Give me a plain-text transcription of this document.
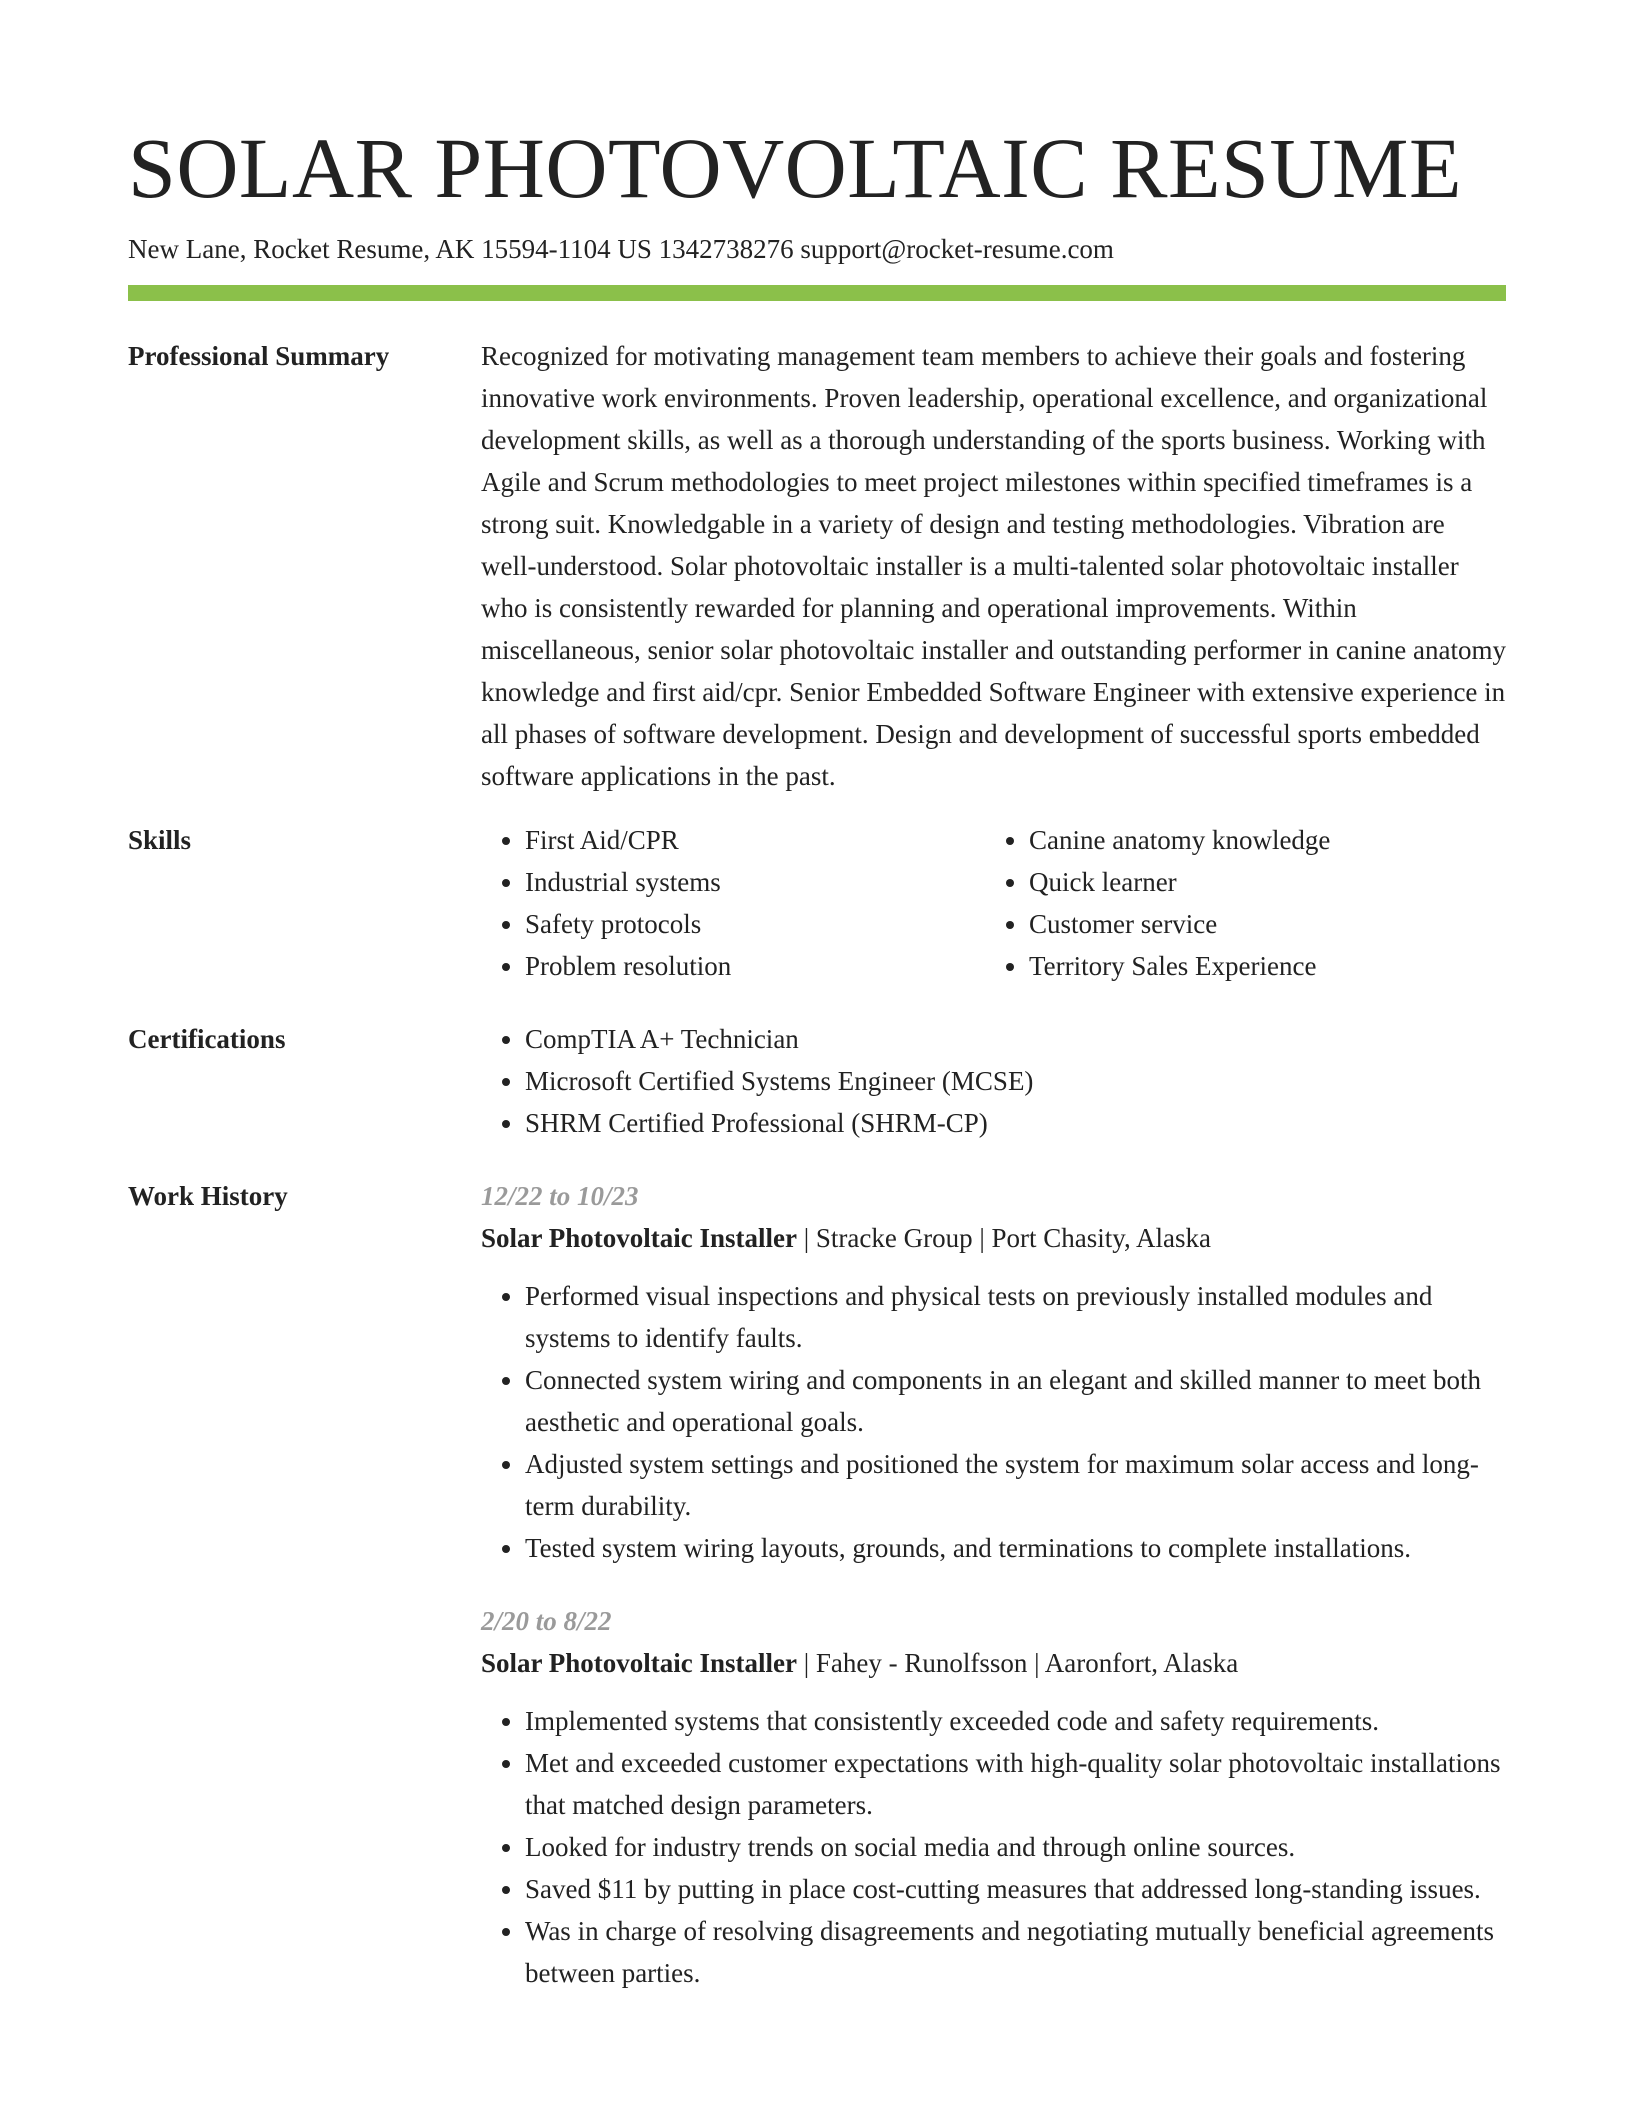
SOLAR PHOTOVOLTAIC RESUME
New Lane, Rocket Resume, AK 15594-1104 US 1342738276 support@rocket-resume.com
Professional Summary	Recognized for motivating management team members to achieve their goals and fostering innovative work environments. Proven leadership, operational excellence, and organizational development skills, as well as a thorough understanding of the sports business. Working with Agile and Scrum methodologies to meet project milestones within specified timeframes is a strong suit. Knowledgable in a variety of design and testing methodologies. Vibration are well-understood. Solar photovoltaic installer is a multi-talented solar photovoltaic installer who is consistently rewarded for planning and operational improvements. Within miscellaneous, senior solar photovoltaic installer and outstanding performer in canine anatomy knowledge and first aid/cpr. Senior Embedded Software Engineer with extensive experience in all phases of software development. Design and development of successful sports embedded software applications in the past.

Skills	• First Aid/CPR
• Industrial systems
• Safety protocols
• Problem resolution
• Canine anatomy knowledge
• Quick learner
• Customer service
• Territory Sales Experience
Certifications	• CompTIA A+ Technician
• Microsoft Certified Systems Engineer (MCSE)
• SHRM Certified Professional (SHRM-CP)
Work History	12/22 to 10/23
Solar Photovoltaic Installer | Stracke Group | Port Chasity, Alaska
• Performed visual inspections and physical tests on previously installed modules and systems to identify faults.
• Connected system wiring and components in an elegant and skilled manner to meet both aesthetic and operational goals.
• Adjusted system settings and positioned the system for maximum solar access and long-term durability.
• Tested system wiring layouts, grounds, and terminations to complete installations.
2/20 to 8/22
Solar Photovoltaic Installer | Fahey - Runolfsson | Aaronfort, Alaska
• Implemented systems that consistently exceeded code and safety requirements.
• Met and exceeded customer expectations with high-quality solar photovoltaic installations that matched design parameters.
• Looked for industry trends on social media and through online sources.
• Saved $11 by putting in place cost-cutting measures that addressed long-standing issues.
• Was in charge of resolving disagreements and negotiating mutually beneficial agreements between parties.
